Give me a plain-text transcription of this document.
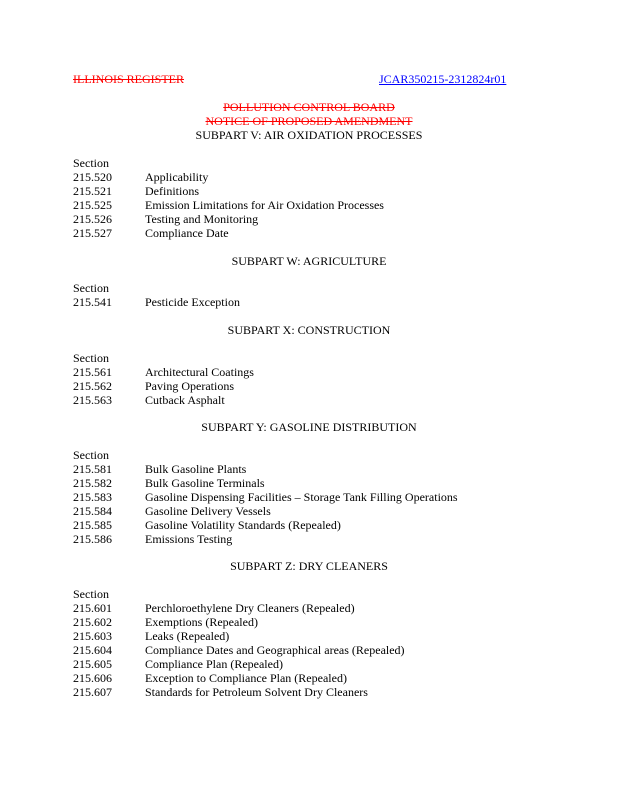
ILLINOIS REGISTER	JCAR350215-2312824r01
POLLUTION CONTROL BOARD
NOTICE OF PROPOSED AMENDMENT
SUBPART V: AIR OXIDATION PROCESSES
Section
215.520	Applicability
215.521	Definitions
215.525	Emission Limitations for Air Oxidation Processes
215.526	Testing and Monitoring
215.527	Compliance Date
SUBPART W: AGRICULTURE
Section
215.541	Pesticide Exception
SUBPART X: CONSTRUCTION
Section
215.561	Architectural Coatings
215.562	Paving Operations
215.563	Cutback Asphalt
SUBPART Y: GASOLINE DISTRIBUTION
Section
215.581	Bulk Gasoline Plants
215.582	Bulk Gasoline Terminals
215.583	Gasoline Dispensing Facilities – Storage Tank Filling Operations
215.584	Gasoline Delivery Vessels
215.585	Gasoline Volatility Standards (Repealed)
215.586	Emissions Testing
SUBPART Z: DRY CLEANERS
Section
215.601	Perchloroethylene Dry Cleaners (Repealed)
215.602	Exemptions (Repealed)
215.603	Leaks (Repealed)
215.604	Compliance Dates and Geographical areas (Repealed)
215.605	Compliance Plan (Repealed)
215.606	Exception to Compliance Plan (Repealed)
215.607	Standards for Petroleum Solvent Dry Cleaners
